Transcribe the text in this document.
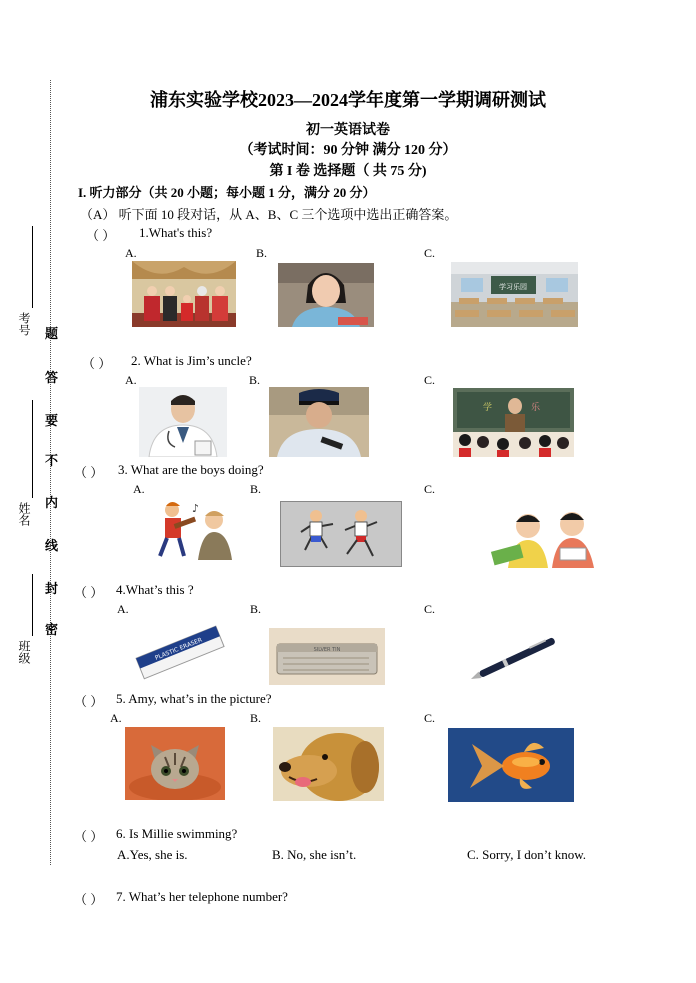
考号
姓名
班级
题
答
要
不
内
线
封
密
浦东实验学校2023—2024学年度第一学期调研测试
初一英语试卷
（考试时间：90 分钟 满分 120 分）
第 I 卷 选择题（ 共 75 分)
I. 听力部分（共 20 小题；每小题 1 分，满分 20 分）
（A） 听下面 10 段对话，从 A、B、C 三个选项中选出正确答案。
（ ） 1.What's this?
A.	B.	C.
学习乐园
（ ） 2. What is Jim’s uncle?
A.	B.	C.
学	乐
（ ） 3. What are the boys doing?
A.	B.	C.
♪
（ ） 4.What’s this ?
A.	B.	C.
PLASTIC ERASER	SILVER TIN
（ ） 5. Amy, what’s in the picture?
A.	B.	C.
（ ） 6. Is Millie swimming?
A.Yes, she is.	B. No, she isn’t.	C. Sorry, I don’t know.
（ ） 7. What’s her telephone number?
